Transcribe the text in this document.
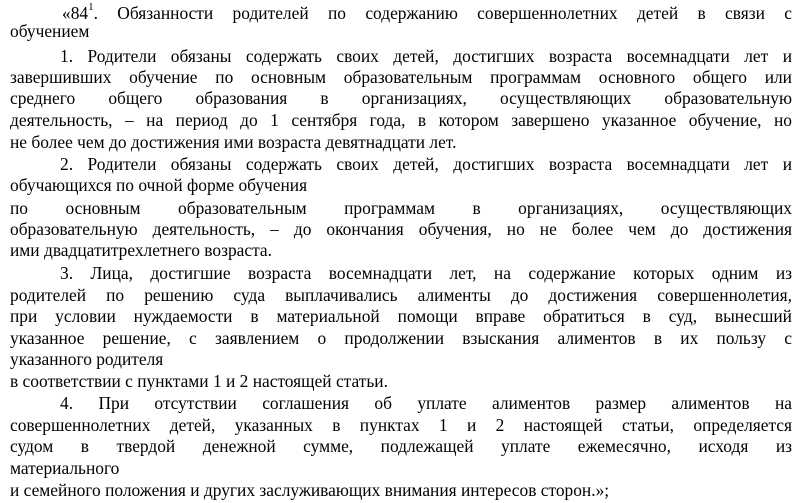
«$84^1$. Обязанности родителей по содержанию совершеннолетних детей в связи с
обучением
1. Родители обязаны содержать своих детей, достигших возраста восемнадцати лет и
завершивших обучение по основным образовательным программам основного общего или
среднего общего образования в организациях, осуществляющих образовательную
деятельность, – на период до 1 сентября года, в котором завершено указанное обучение, но
не более чем до достижения ими возраста девятнадцати лет.
2. Родители обязаны содержать своих детей, достигших возраста восемнадцати лет и
обучающихся по очной форме обучения
по основным образовательным программам в организациях, осуществляющих
образовательную деятельность, – до окончания обучения, но не более чем до достижения
ими двадцатитрехлетнего возраста.
3. Лица, достигшие возраста восемнадцати лет, на содержание которых одним из
родителей по решению суда выплачивались алименты до достижения совершеннолетия,
при условии нуждаемости в материальной помощи вправе обратиться в суд, вынесший
указанное решение, с заявлением о продолжении взыскания алиментов в их пользу с
указанного родителя
в соответствии с пунктами 1 и 2 настоящей статьи.
4. При отсутствии соглашения об уплате алиментов размер алиментов на
совершеннолетних детей, указанных в пунктах 1 и 2 настоящей статьи, определяется
судом в твердой денежной сумме, подлежащей уплате ежемесячно, исходя из
материального
и семейного положения и других заслуживающих внимания интересов сторон.»;
